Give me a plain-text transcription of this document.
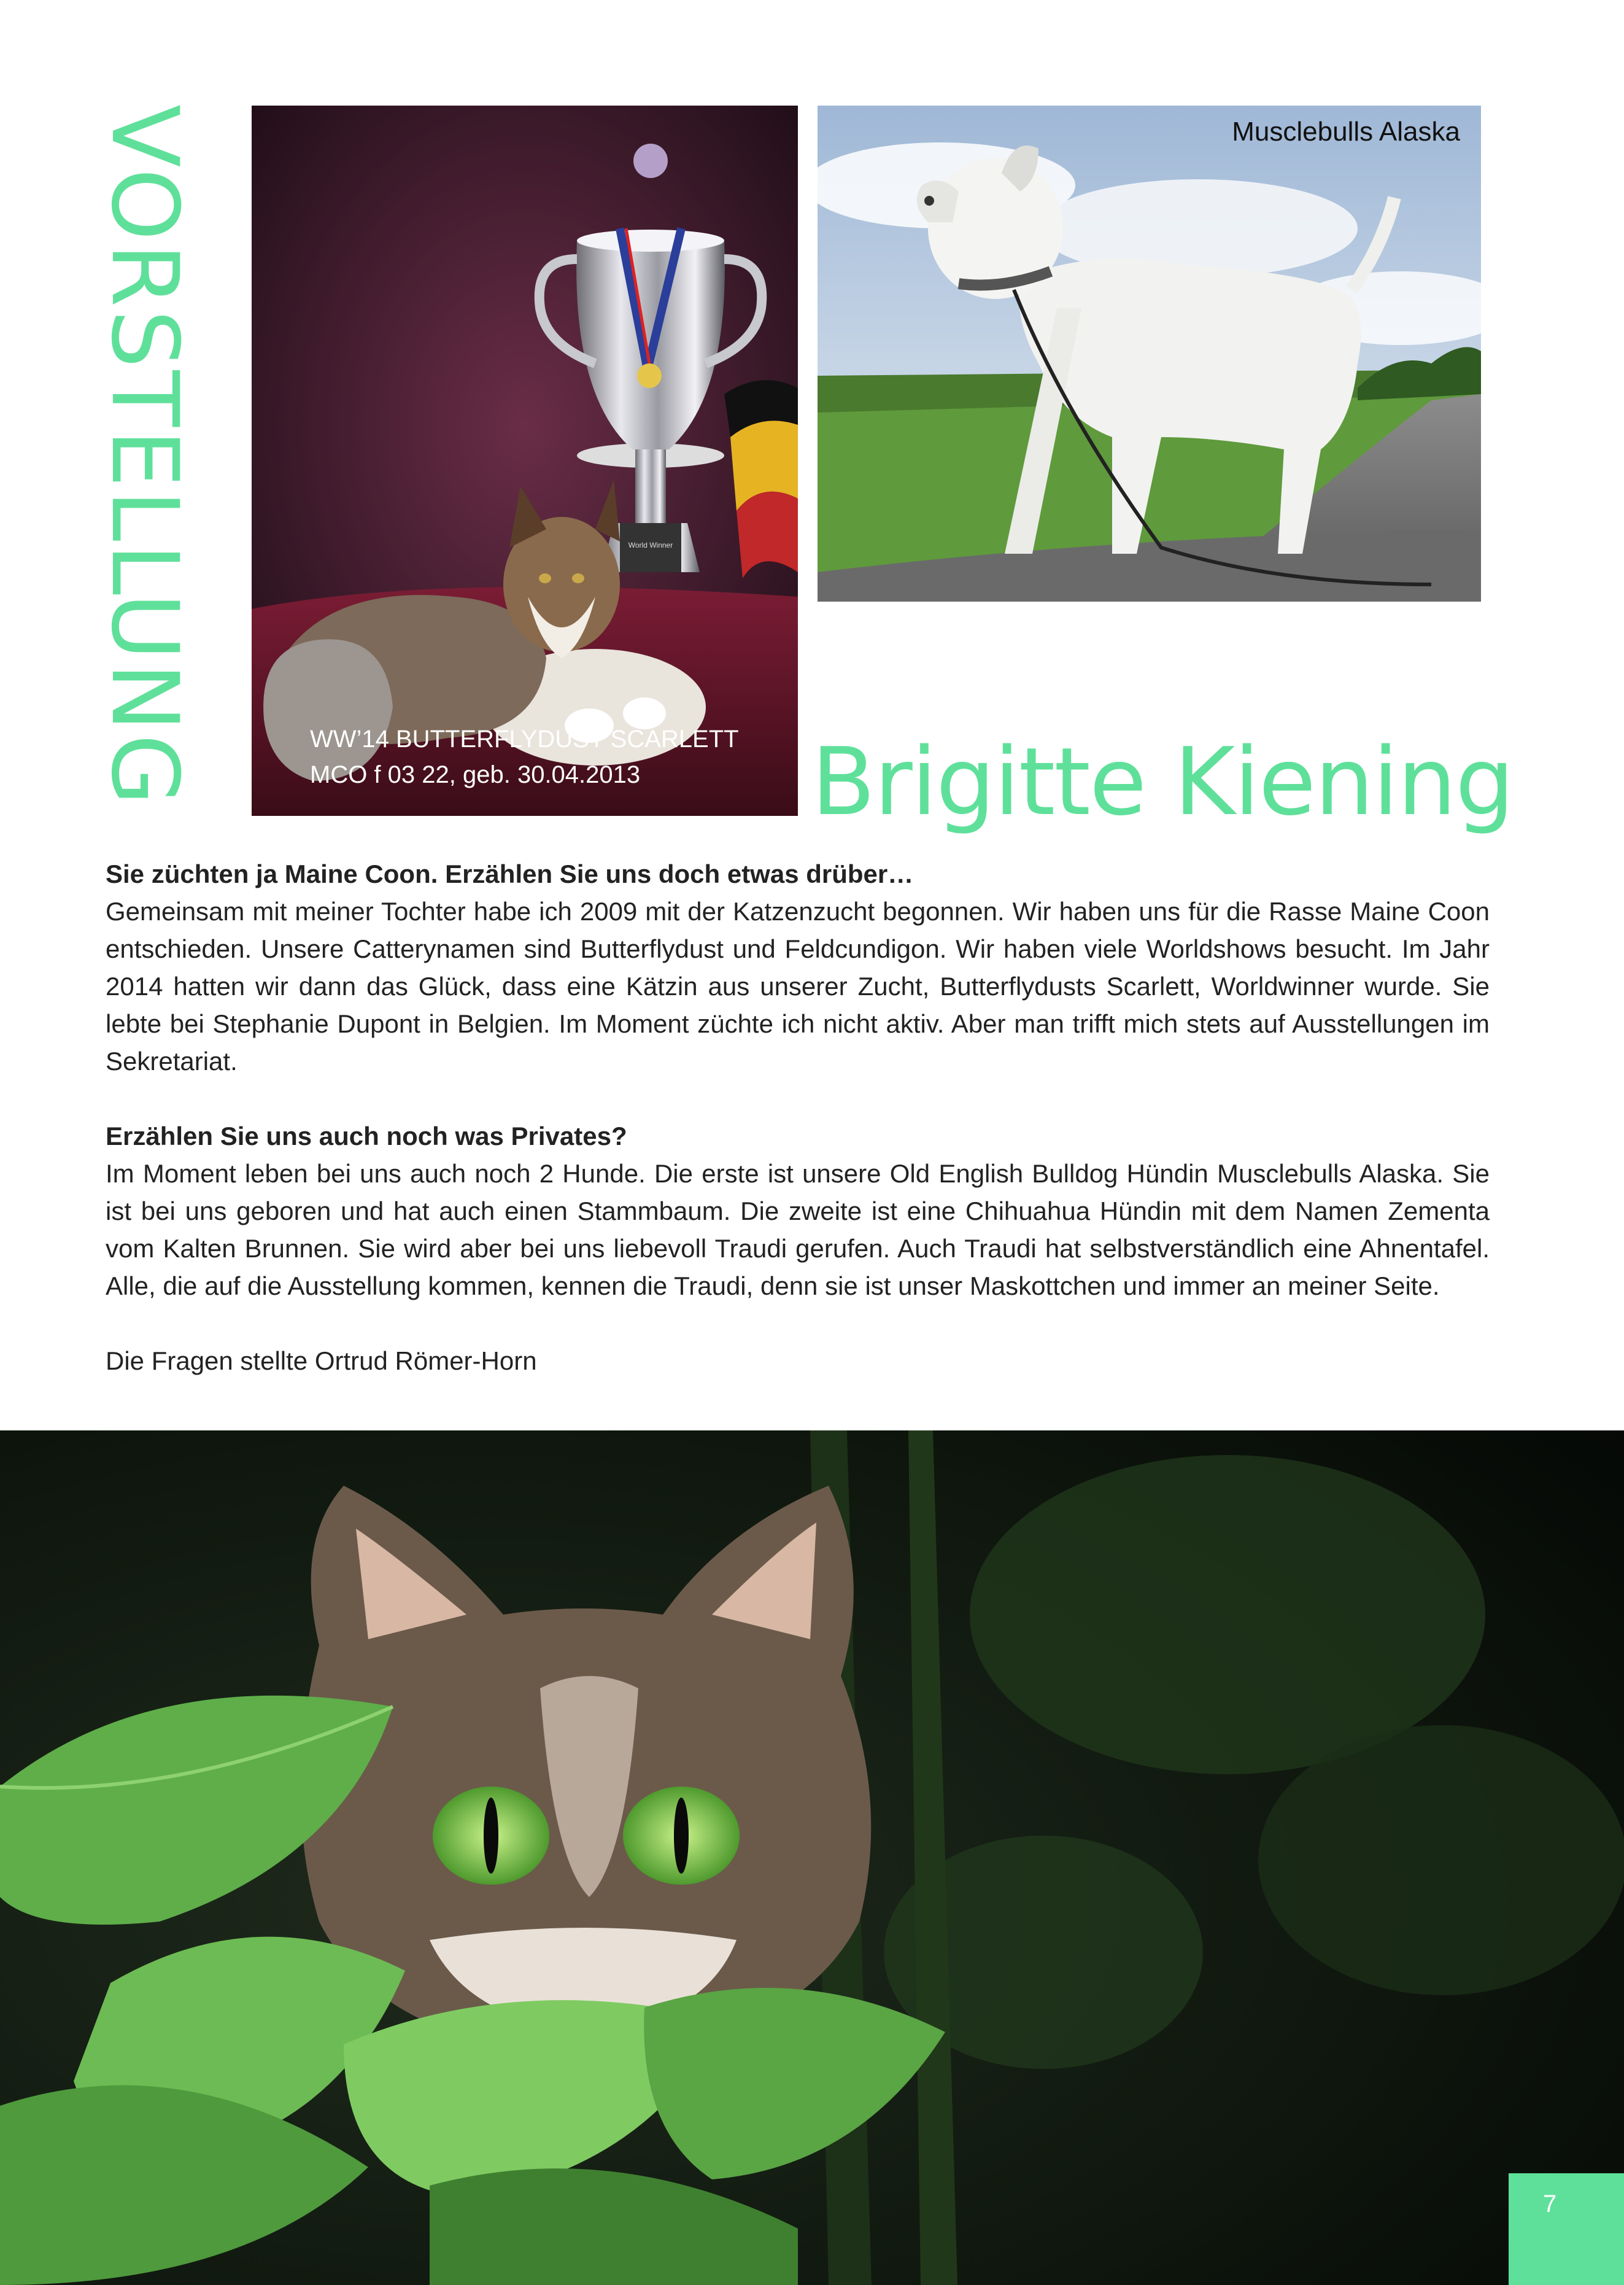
VORSTELLUNG	World Winner
WW’14 BUTTERFLYDUST SCARLETT
MCO f 03 22, geb. 30.04.2013
Musclebulls Alaska
Brigitte Kiening

Sie züchten ja Maine Coon. Erzählen Sie uns doch etwas drüber…

Gemeinsam mit meiner Tochter habe ich 2009 mit der Katzenzucht begonnen. Wir haben uns für die Rasse Maine Coon entschieden. Unsere Catterynamen sind Butterflydust und Feldcundigon. Wir haben viele Worldshows besucht. Im Jahr 2014 hatten wir dann das Glück, dass eine Kätzin aus unserer Zucht, Butterflydusts Scarlett, Worldwinner wurde. Sie lebte bei Stephanie Dupont in Belgien. Im Moment züchte ich nicht aktiv. Aber man trifft mich stets auf Ausstellungen im Sekretariat.

Erzählen Sie uns auch noch was Privates?

Im Moment leben bei uns auch noch 2 Hunde. Die erste ist unsere Old English Bulldog Hündin Musclebulls Alaska. Sie ist bei uns geboren und hat auch einen Stammbaum. Die zweite ist eine Chihuahua Hündin mit dem Namen Zementa vom Kalten Brunnen. Sie wird aber bei uns liebevoll Traudi gerufen. Auch Traudi hat selbstverständlich eine Ahnentafel. Alle, die auf die Ausstellung kommen, kennen die Traudi, denn sie ist unser Maskottchen und immer an meiner Seite.

Die Fragen stellte Ortrud Römer-Horn

7
